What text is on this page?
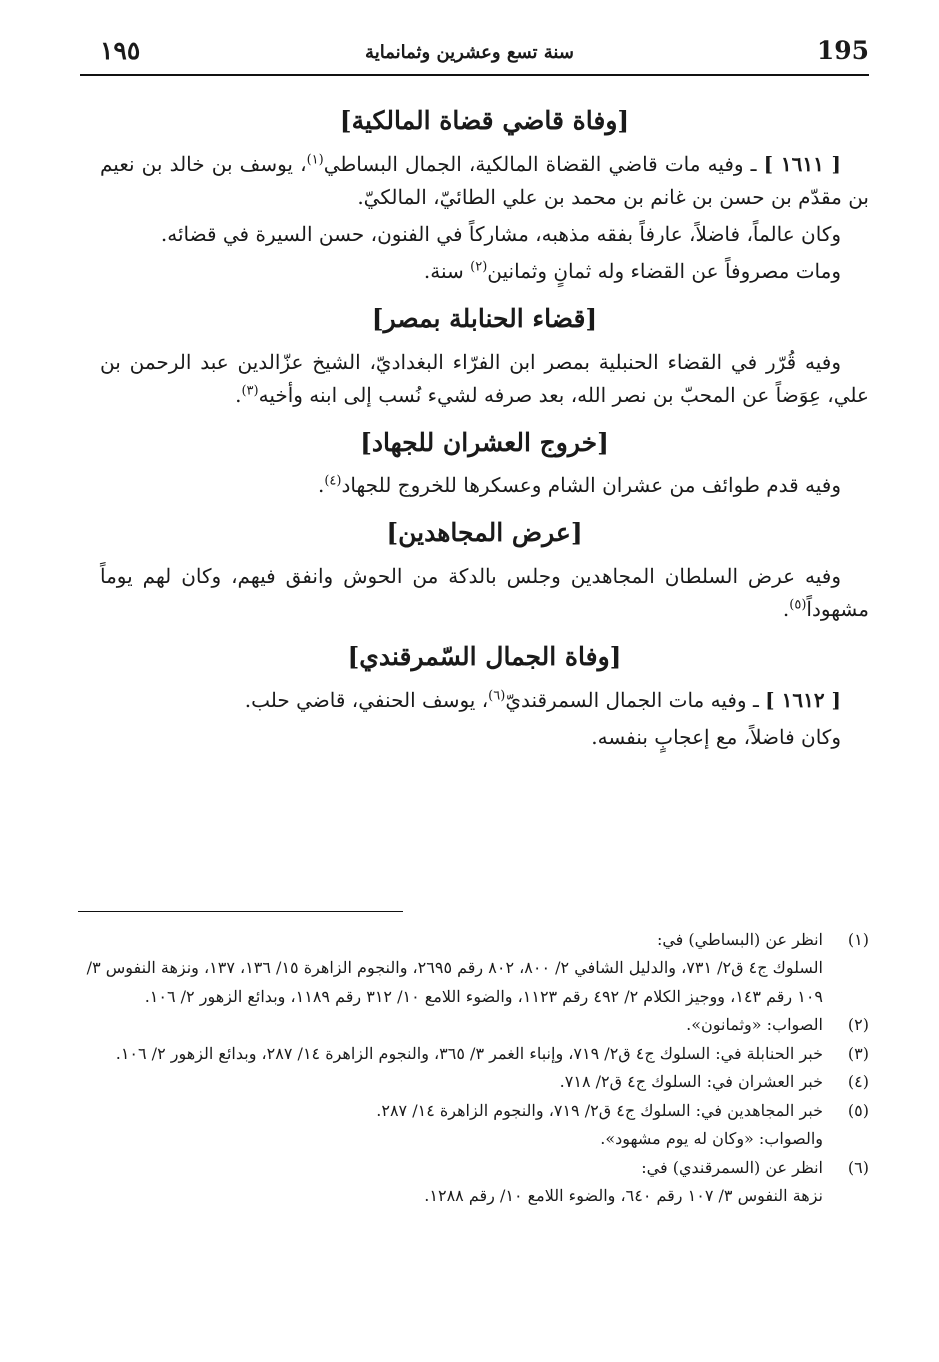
195
سنة تسع وعشرين وثمانماية
١٩٥
[وفاة قاضي قضاة المالكية]

[ ١٦١١ ] ـ وفيه مات قاضي القضاة المالكية، الجمال البساطي$^{(١)}$، يوسف بن خالد بن نعيم بن مقدّم بن حسن بن غانم بن محمد بن علي الطائيّ، المالكيّ.

وكان عالماً، فاضلاً، عارفاً بفقه مذهبه، مشاركاً في الفنون، حسن السيرة في قضائه.

ومات مصروفاً عن القضاء وله ثمانٍ وثمانين$^{(٢)}$ سنة.

[قضاء الحنابلة بمصر]

وفيه قُرّر في القضاء الحنبلية بمصر ابن الفرّاء البغداديّ، الشيخ عزّالدين عبد الرحمن بن علي، عِوَضاً عن المحبّ بن نصر الله، بعد صرفه لشيء نُسب إلى ابنه وأخيه$^{(٣)}$.

[خروج العشران للجهاد]

وفيه قدم طوائف من عشران الشام وعسكرها للخروج للجهاد$^{(٤)}$.

[عرض المجاهدين]

وفيه عرض السلطان المجاهدين وجلس بالدكة من الحوش وانفق فيهم، وكان لهم يوماً مشهوداً$^{(٥)}$.

[وفاة الجمال السّمرقندي]

[ ١٦١٢ ] ـ وفيه مات الجمال السمرقنديّ$^{(٦)}$، يوسف الحنفي، قاضي حلب.

وكان فاضلاً، مع إعجابٍ بنفسه.

(١)

انظر عن (البساطي) في:

السلوك ج٤ ق٢/ ٧٣١، والدليل الشافي ٢/ ٨٠٠، ٨٠٢ رقم ٢٦٩٥، والنجوم الزاهرة ١٥/ ١٣٦، ١٣٧، ونزهة النفوس ٣/ ١٠٩ رقم ١٤٣، ووجيز الكلام ٢/ ٤٩٢ رقم ١١٢٣، والضوء اللامع ١٠/ ٣١٢ رقم ١١٨٩، وبدائع الزهور ٢/ ١٠٦.

(٢)

الصواب: «وثمانون».

(٣)

خبر الحنابلة في: السلوك ج٤ ق٢/ ٧١٩، وإنباء الغمر ٣/ ٣٦٥، والنجوم الزاهرة ١٤/ ٢٨٧، وبدائع الزهور ٢/ ١٠٦.

(٤)

خبر العشران في: السلوك ج٤ ق٢/ ٧١٨.

(٥)

خبر المجاهدين في: السلوك ج٤ ق٢/ ٧١٩، والنجوم الزاهرة ١٤/ ٢٨٧.

والصواب: «وكان له يوم مشهود».

(٦)

انظر عن (السمرقندي) في:

نزهة النفوس ٣/ ١٠٧ رقم ٦٤٠، والضوء اللامع ١٠/ رقم ١٢٨٨.
